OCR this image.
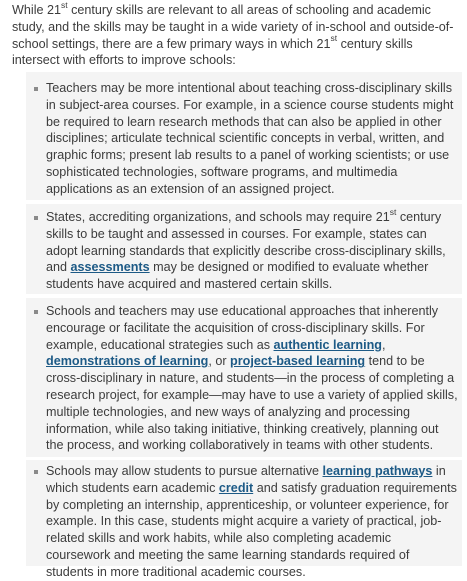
While 21st century skills are relevant to all areas of schooling and academic study, and the skills may be taught in a wide variety of in-school and outside-of-school settings, there are a few primary ways in which 21st century skills intersect with efforts to improve schools:

Teachers may be more intentional about teaching cross-disciplinary skills in subject-area courses. For example, in a science course students might be required to learn research methods that can also be applied in other disciplines; articulate technical scientific concepts in verbal, written, and graphic forms; present lab results to a panel of working scientists; or use sophisticated technologies, software programs, and multimedia applications as an extension of an assigned project.

States, accrediting organizations, and schools may require 21st century skills to be taught and assessed in courses. For example, states can adopt learning standards that explicitly describe cross-disciplinary skills, and assessments may be designed or modified to evaluate whether students have acquired and mastered certain skills.

Schools and teachers may use educational approaches that inherently encourage or facilitate the acquisition of cross-disciplinary skills. For example, educational strategies such as authentic learning, demonstrations of learning, or project-based learning tend to be cross-disciplinary in nature, and students—in the process of completing a research project, for example—may have to use a variety of applied skills, multiple technologies, and new ways of analyzing and processing information, while also taking initiative, thinking creatively, planning out the process, and working collaboratively in teams with other students.

Schools may allow students to pursue alternative learning pathways in which students earn academic credit and satisfy graduation requirements by completing an internship, apprenticeship, or volunteer experience, for example. In this case, students might acquire a variety of practical, job-related skills and work habits, while also completing academic coursework and meeting the same learning standards required of students in more traditional academic courses.
